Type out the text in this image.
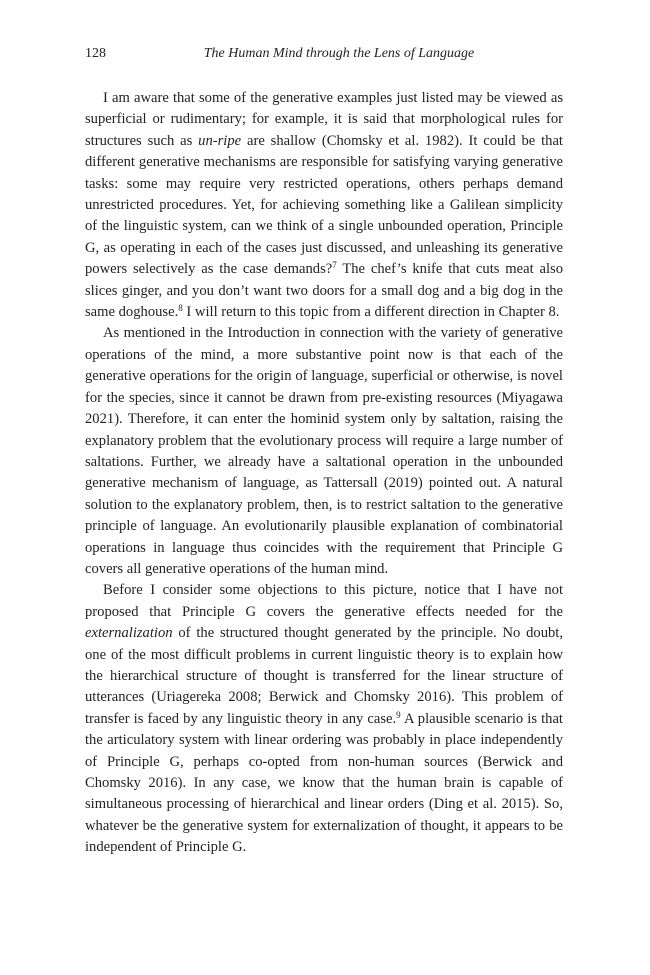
128	The Human Mind through the Lens of Language

I am aware that some of the generative examples just listed may be viewed as superficial or rudimentary; for example, it is said that morphological rules for structures such as un-ripe are shallow (Chomsky et al. 1982). It could be that different generative mechanisms are responsible for satisfying varying generative tasks: some may require very restricted operations, others perhaps demand unrestricted procedures. Yet, for achieving something like a Galilean simplicity of the linguistic system, can we think of a single unbounded operation, Principle G, as operating in each of the cases just discussed, and unleashing its generative powers selectively as the case demands?$^7$ The chef’s knife that cuts meat also slices ginger, and you don’t want two doors for a small dog and a big dog in the same doghouse.$^8$ I will return to this topic from a different direction in Chapter 8.

As mentioned in the Introduction in connection with the variety of generative operations of the mind, a more substantive point now is that each of the generative operations for the origin of language, superficial or otherwise, is novel for the species, since it cannot be drawn from pre-existing resources (Miyagawa 2021). Therefore, it can enter the hominid system only by saltation, raising the explanatory problem that the evolutionary process will require a large number of saltations. Further, we already have a saltational operation in the unbounded generative mechanism of language, as Tattersall (2019) pointed out. A natural solution to the explanatory problem, then, is to restrict saltation to the generative principle of language. An evolutionarily plausible explanation of combinatorial operations in language thus coincides with the requirement that Principle G covers all generative operations of the human mind.

Before I consider some objections to this picture, notice that I have not proposed that Principle G covers the generative effects needed for the externalization of the structured thought generated by the principle. No doubt, one of the most difficult problems in current linguistic theory is to explain how the hierarchical structure of thought is transferred for the linear structure of utterances (Uriagereka 2008; Berwick and Chomsky 2016). This problem of transfer is faced by any linguistic theory in any case.$^9$ A plausible scenario is that the articulatory system with linear ordering was probably in place independently of Principle G, perhaps co-opted from non-human sources (Berwick and Chomsky 2016). In any case, we know that the human brain is capable of simultaneous processing of hierarchical and linear orders (Ding et al. 2015). So, whatever be the generative system for externalization of thought, it appears to be independent of Principle G.
